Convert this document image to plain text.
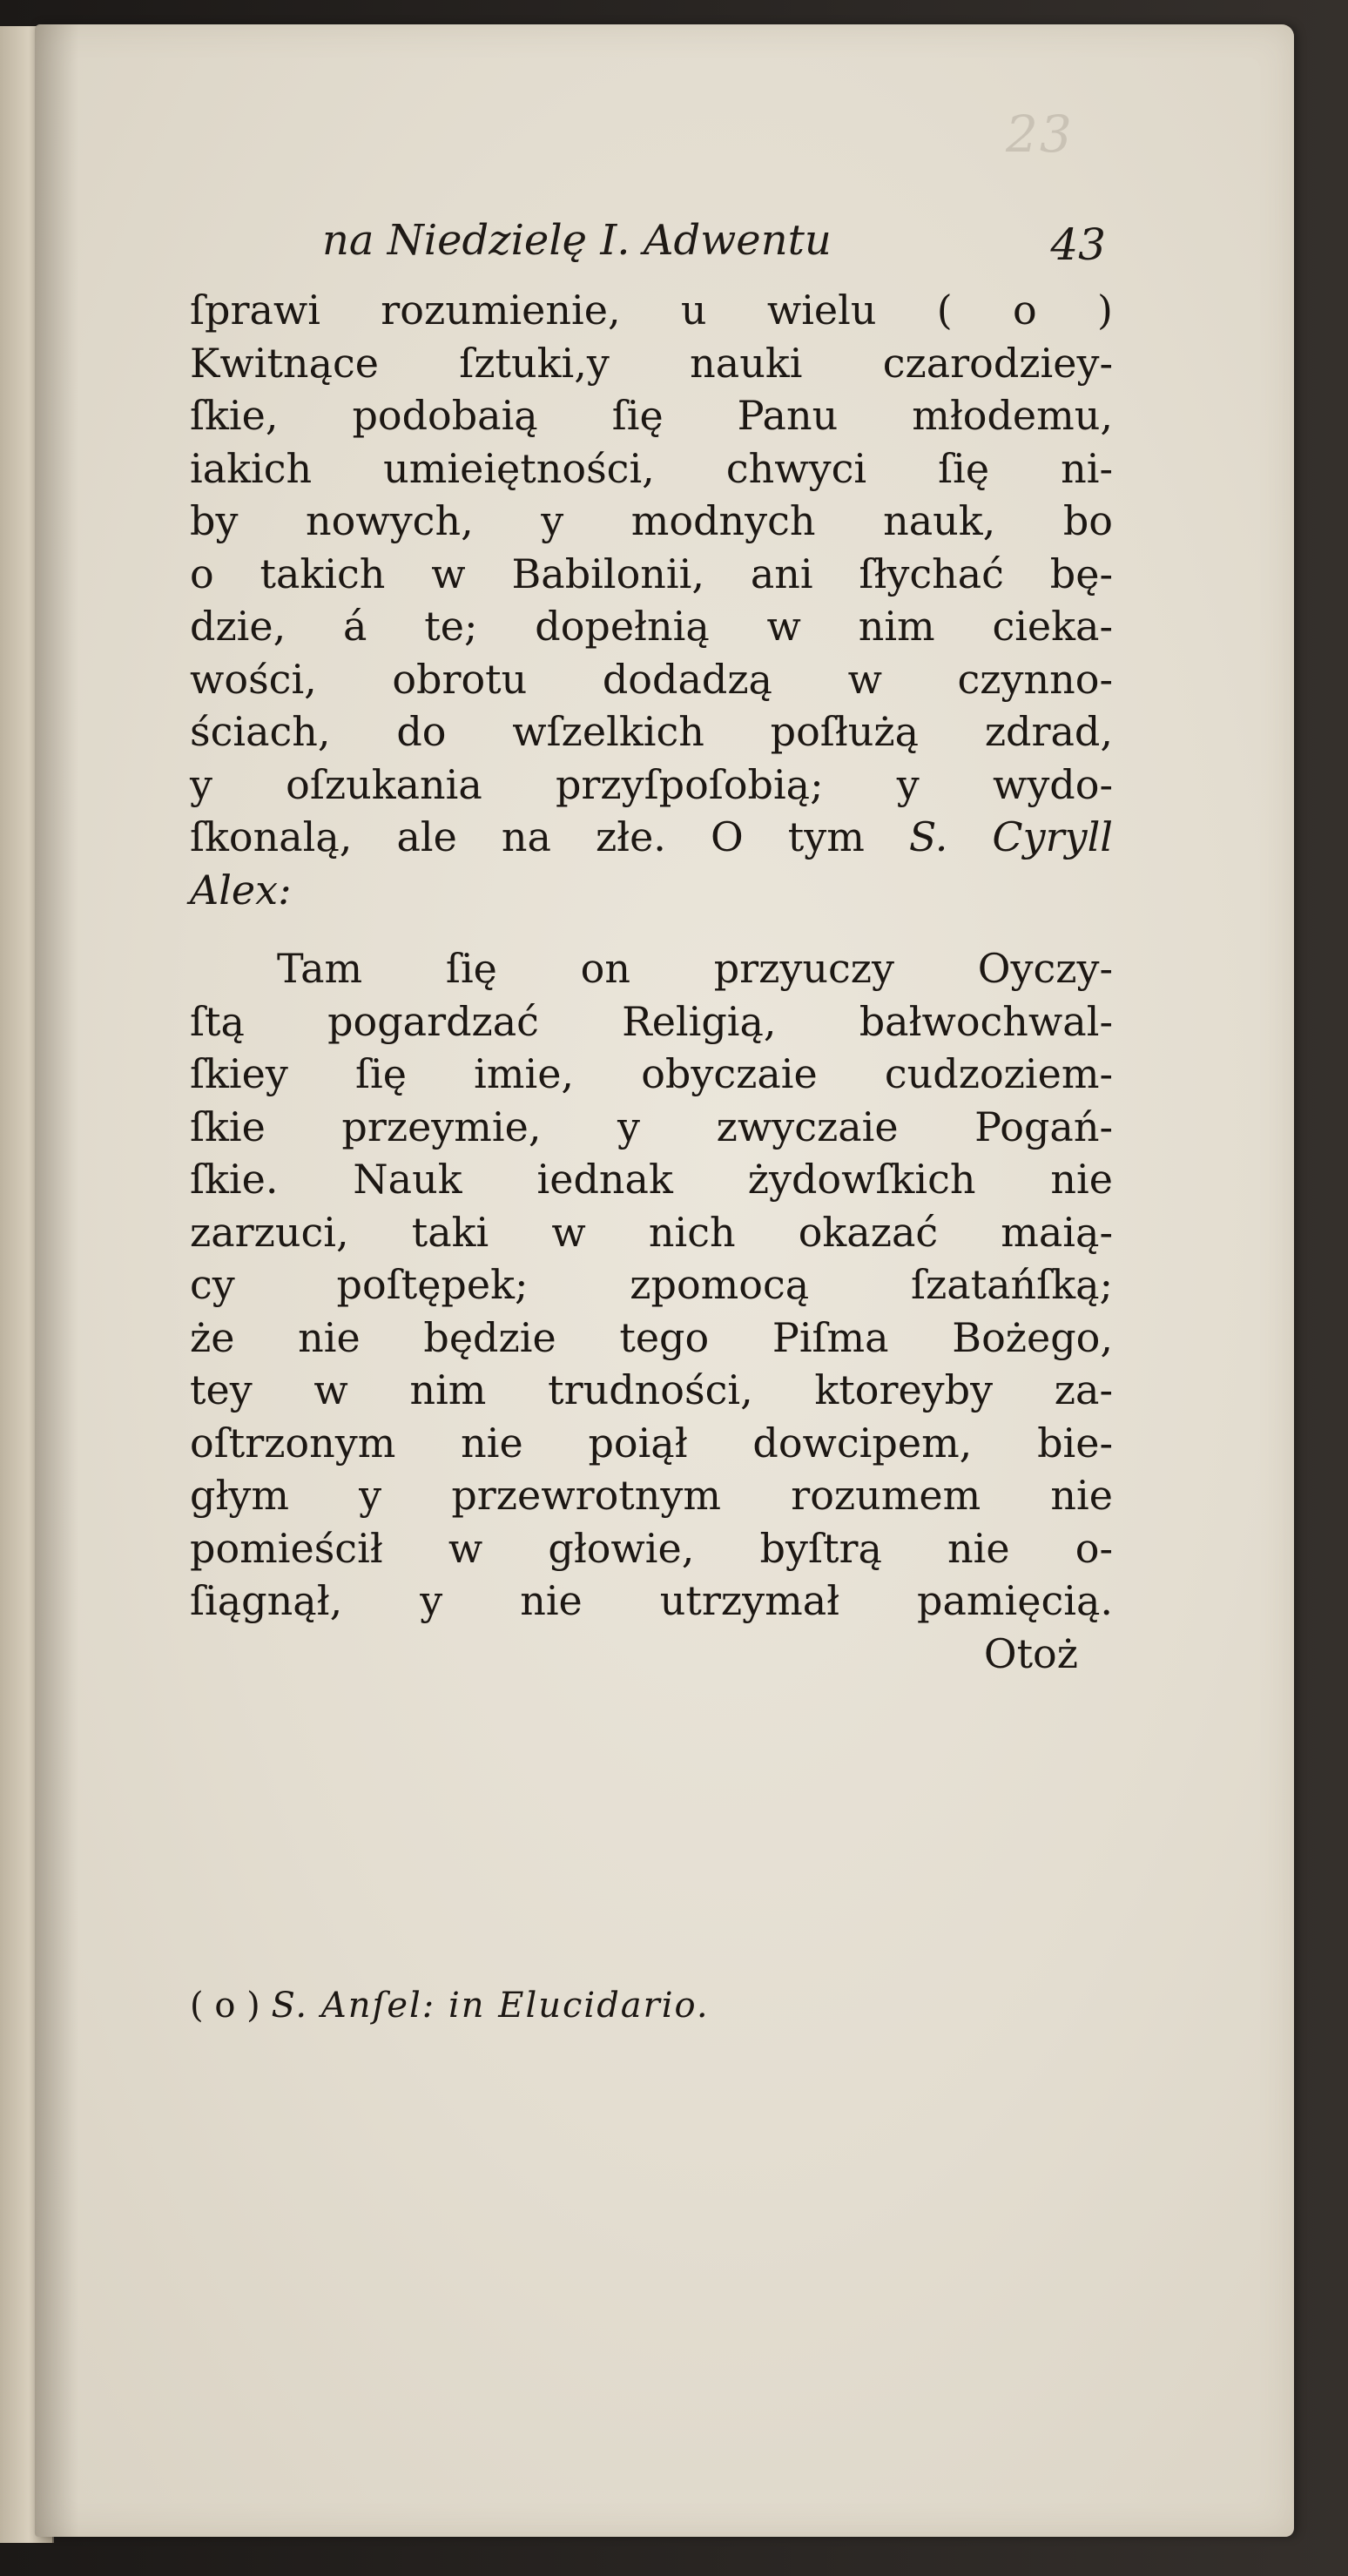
23
na Niedzielę I. Adwentu	43
ſprawi rozumienie, u wielu ( o )
Kwitnące ſztuki,y nauki czarodziey-
ſkie, podobaią ſię Panu młodemu,
iakich umieiętności, chwyci ſię ni-
by nowych, y modnych nauk, bo
o takich w Babilonii, ani ſłychać bę-
dzie, á te; dopełnią w nim cieka-
wości, obrotu dodadzą w czynno-
ściach, do wſzelkich poſłużą zdrad,
y oſzukania przyſpoſobią; y wydo-
ſkonalą, ale na złe. O tym S. Cyryll
Alex:
Tam ſię on przyuczy Oyczy-
ſtą pogardzać Religią, bałwochwal-
ſkiey ſię imie, obyczaie cudzoziem-
ſkie przeymie, y zwyczaie Pogań-
ſkie. Nauk iednak żydowſkich nie
zarzuci, taki w nich okazać maią-
cy poſtępek; zpomocą ſzatańſką;
że nie będzie tego Piſma Bożego,
tey w nim trudności, ktoreyby za-
oſtrzonym nie poiął dowcipem, bie-
głym y przewrotnym rozumem nie
pomieścił w głowie, byſtrą nie o-
ſiągnął, y nie utrzymał pamięcią.
Otoż
( o ) S. Anſel: in Elucidario.
